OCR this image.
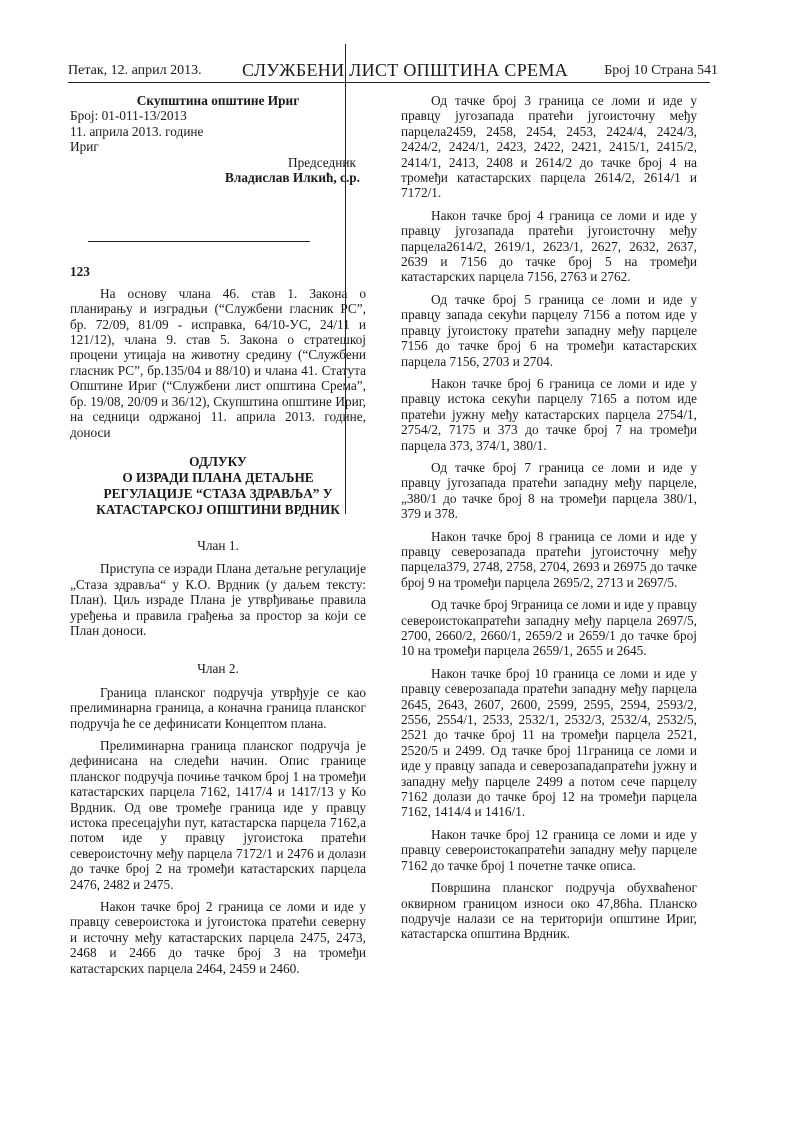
Петак, 12. април 2013. СЛУЖБЕНИ ЛИСТ ОПШТИНА СРЕМА	Број 10 Страна 541
Скупштина општине Ириг
Број: 01-011-13/2013
11. априла 2013. године
Ириг
Председник
Владислав Илкић, с.р.
123

На основу члана 46. став 1. Закона о планирању и изградњи (“Службени гласник РС”, бр. 72/09, 81/09 - исправка, 64/10-УС, 24/11 и 121/12), члана 9. став 5. Закона о стратешкој процени утицаја на животну средину (“Службени гласник РС”, бр.135/04 и 88/10) и члана 41. Статута Општине Ириг (“Службени лист општина Срема”, бр. 19/08, 20/09 и 36/12), Скупштина општине Ириг, на седници одржаној 11. априла 2013. године, доноси

ОДЛУКУ
О ИЗРАДИ ПЛАНА ДЕТАЉНЕ
РЕГУЛАЦИЈЕ “СТАЗА ЗДРАВЉА” У
КАТАСТАРСКОЈ ОПШТИНИ ВРДНИК
Члан 1.

Приступа се изради Плана детаљне регулације „Стаза здравља“ у К.О. Врдник (у даљем тексту: План). Циљ израде Плана је утврђивање правила уређења и правила грађења за простор за који се План доноси.

Члан 2.

Граница планског подручја утврђује се као прелиминарна граница, а коначна граница планског подручја ће се дефинисати Концептом плана.

Прелиминарна граница планског подручја је дефинисана на следећи начин. Опис границе планског подручја почиње тачком број 1 на тромеђи катастарских парцела 7162, 1417/4 и 1417/13 у Ко Врдник. Од ове тромеђе граница иде у правцу истока пресецајући пут, катастарска парцела 7162,а потом иде у правцу југоистока пратећи североисточну међу парцела 7172/1 и 2476 и долази до тачке број 2 на тромеђи катастарских парцела 2476, 2482 и 2475.

Након тачке број 2 граница се ломи и иде у правцу североистока и југоистока пратећи северну и источну међу катастарских парцела 2475, 2473, 2468 и 2466 до тачке број 3 на тромеђи катастарских парцела 2464, 2459 и 2460.

Од тачке број 3 граница се ломи и иде у правцу југозапада пратећи југоисточну међу парцела2459, 2458, 2454, 2453, 2424/4, 2424/3, 2424/2, 2424/1, 2423, 2422, 2421, 2415/1, 2415/2, 2414/1, 2413, 2408 и 2614/2 до тачке број 4 на тромеђи катастарских парцела 2614/2, 2614/1 и 7172/1.

Након тачке број 4 граница се ломи и иде у правцу југозапада пратећи југоисточну међу парцела2614/2, 2619/1, 2623/1, 2627, 2632, 2637, 2639 и 7156 до тачке број 5 на тромеђи катастарских парцела 7156, 2763 и 2762.

Од тачке број 5 граница се ломи и иде у правцу запада секући парцелу 7156 а потом иде у правцу југоистоку пратећи западну међу парцеле 7156 до тачке број 6 на тромеђи катастарских парцела 7156, 2703 и 2704.

Након тачке број 6 граница се ломи и иде у правцу истока секући парцелу 7165 а потом иде пратећи јужну међу катастарских парцела 2754/1, 2754/2, 7175 и 373 до тачке број 7 на тромеђи парцела 373, 374/1, 380/1.

Од тачке број 7 граница се ломи и иде у правцу југозапада пратећи западну међу парцеле,„380/1 до тачке број 8 на тромеђи парцела 380/1, 379 и 378.

Након тачке број 8 граница се ломи и иде у правцу северозапада пратећи југоисточну међу парцела379, 2748, 2758, 2704, 2693 и 26975 до тачке број 9 на тромеђи парцела 2695/2, 2713 и 2697/5.

Од тачке број 9граница се ломи и иде у правцу североистокапратећи западну међу парцела 2697/5, 2700, 2660/2, 2660/1, 2659/2 и 2659/1 до тачке број 10 на тромеђи парцела 2659/1, 2655 и 2645.

Након тачке број 10 граница се ломи и иде у правцу северозапада пратећи западну међу парцела 2645, 2643, 2607, 2600, 2599, 2595, 2594, 2593/2, 2556, 2554/1, 2533, 2532/1, 2532/3, 2532/4, 2532/5, 2521 до тачке број 11 на тромеђи парцела 2521, 2520/5 и 2499. Од тачке број 11граница се ломи и иде у правцу запада и северозападапратећи јужну и западну међу парцеле 2499 а потом сече парцелу 7162 долази до тачке број 12 на тромеђи парцела 7162, 1414/4 и 1416/1.

Након тачке број 12 граница се ломи и иде у правцу североистокапратећи западну међу парцеле 7162 до тачке број 1 почетне тачке описа.

Површина планског подручја обухваћеног оквирном границом износи око 47,86ha. Планско подручје налази се на територији општине Ириг, катастарска општина Врдник.
